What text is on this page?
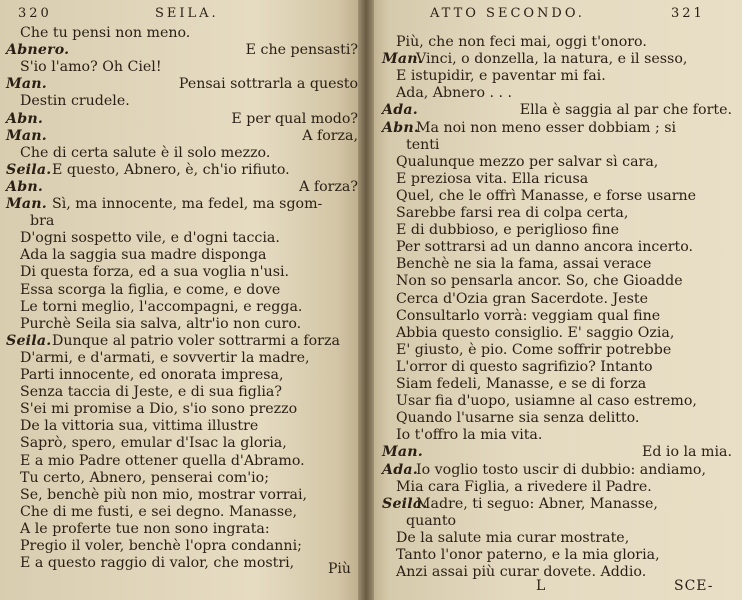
320	SEILA.
Che tu pensi non meno.
Abnero.	E che pensasti?
S'io l'amo? Oh Ciel!
Man.	Pensai sottrarla a questo
Destin crudele.
Abn.	E per qual modo?
Man.	A forza,
Che di certa salute è il solo mezzo.
Seila. E questo, Abnero, è, ch'io rifiuto.
Abn.	A forza?
Man. Sì, ma innocente, ma fedel, ma sgom-
bra
D'ogni sospetto vile, e d'ogni taccia.
Ada la saggia sua madre disponga
Di questa forza, ed a sua voglia n'usi.
Essa scorga la figlia, e come, e dove
Le torni meglio, l'accompagni, e regga.
Purchè Seila sia salva, altr'io non curo.
Seila. Dunque al patrio voler sottrarmi a forza
D'armi, e d'armati, e sovvertir la madre,
Parti innocente, ed onorata impresa,
Senza taccia di Jeste, e di sua figlia?
S'ei mi promise a Dio, s'io sono prezzo
De la vittoria sua, vittima illustre
Saprò, spero, emular d'Isac la gloria,
E a mio Padre ottener quella d'Abramo.
Tu certo, Abnero, penserai com'io;
Se, benchè più non mio, mostrar vorrai,
Che di me fusti, e sei degno. Manasse,
A le proferte tue non sono ingrata:
Pregio il voler, benchè l'opra condanni;
E a questo raggio di valor, che mostri, Più
ATTO SECONDO.	321
Più, che non feci mai, oggi t'onoro.
Man.
Vinci, o donzella, la natura, e il sesso,
E istupidir, e paventar mi fai.
Ada, Abnero . . .
Ada.	Ella è saggia al par che forte.
Abn.
Ma noi non meno esser dobbiam ; si
tenti
Qualunque mezzo per salvar sì cara,
E preziosa vita. Ella ricusa
Quel, che le offrì Manasse, e forse usarne
Sarebbe farsi rea di colpa certa,
E di dubbioso, e periglioso fine
Per sottrarsi ad un danno ancora incerto.
Benchè ne sia la fama, assai verace
Non so pensarla ancor. So, che Gioadde
Cerca d'Ozia gran Sacerdote. Jeste
Consultarlo vorrà: veggiam qual fine
Abbia questo consiglio. E' saggio Ozia,
E' giusto, è pio. Come soffrir potrebbe
L'orror di questo sagrifizio? Intanto
Siam fedeli, Manasse, e se di forza
Usar fia d'uopo, usiamne al caso estremo,
Quando l'usarne sia senza delitto.
Io t'offro la mia vita.
Man.	Ed io la mia.
Ada.
Io voglio tosto uscir di dubbio: andiamo,
Mia cara Figlia, a rivedere il Padre.
Seila.
Madre, ti seguo: Abner, Manasse,
quanto
De la salute mia curar mostrate,
Tanto l'onor paterno, e la mia gloria,
Anzi assai più curar dovete. Addio.
L	SCE-
